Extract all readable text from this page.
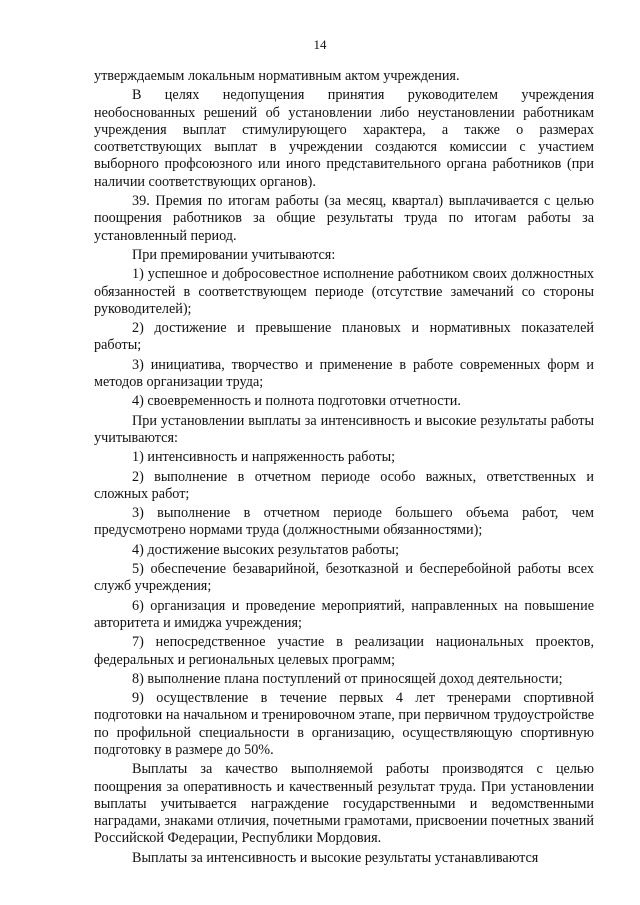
14

утверждаемым локальным нормативным актом учреждения.

В целях недопущения принятия руководителем учреждения необоснованных решений об установлении либо неустановлении работникам учреждения выплат стимулирующего характера, а также о размерах соответствующих выплат в учреждении создаются комиссии с участием выборного профсоюзного или иного представительного органа работников (при наличии соответствующих органов).

39. Премия по итогам работы (за месяц, квартал) выплачивается с целью поощрения работников за общие результаты труда по итогам работы за установленный период.

При премировании учитываются:

1) успешное и добросовестное исполнение работником своих должностных обязанностей в соответствующем периоде (отсутствие замечаний со стороны руководителей);

2) достижение и превышение плановых и нормативных показателей работы;

3) инициатива, творчество и применение в работе современных форм и методов организации труда;

4) своевременность и полнота подготовки отчетности.

При установлении выплаты за интенсивность и высокие результаты работы учитываются:

1) интенсивность и напряженность работы;

2) выполнение в отчетном периоде особо важных, ответственных и сложных работ;

3) выполнение в отчетном периоде большего объема работ, чем предусмотрено нормами труда (должностными обязанностями);

4) достижение высоких результатов работы;

5) обеспечение безаварийной, безотказной и бесперебойной работы всех служб учреждения;

6) организация и проведение мероприятий, направленных на повышение авторитета и имиджа учреждения;

7) непосредственное участие в реализации национальных проектов, федеральных и региональных целевых программ;

8) выполнение плана поступлений от приносящей доход деятельности;

9) осуществление в течение первых 4 лет тренерами спортивной подготовки на начальном и тренировочном этапе, при первичном трудоустройстве по профильной специальности в организацию, осуществляющую спортивную подготовку в размере до 50%.

Выплаты за качество выполняемой работы производятся с целью поощрения за оперативность и качественный результат труда. При установлении выплаты учитывается награждение государственными и ведомственными наградами, знаками отличия, почетными грамотами, присвоении почетных званий Российской Федерации, Республики Мордовия.

Выплаты за интенсивность и высокие результаты устанавливаются
